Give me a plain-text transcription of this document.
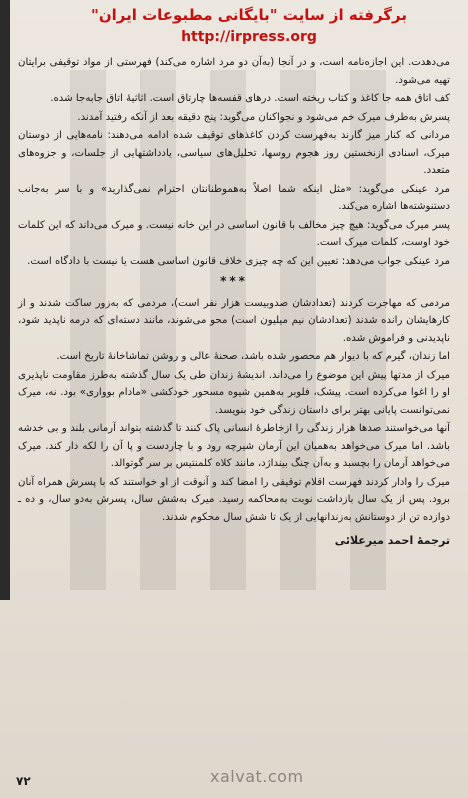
برگرفته از سایت "بایگانی مطبوعات ایران"
http://irpress.org

می‌دهدت. این اجازه‌نامه است، و در آنجا (به‌آن دو مرد اشاره می‌کند) فهرستی از مواد توقیفی برایتان تهیه می‌شود.

کف اتاق همه جا کاغذ و کتاب ریخته است. درهای قفسه‌ها چارتاق است. اثاثیهٔ اتاق جابه‌جا شده.

پسرش به‌طرف میرک خم می‌شود و نجواکنان می‌گوید: پنج دقیقه بعد از آنکه رفتید آمدند.

مردانی که کنار میز گارند به‌فهرست کردن کاغذهای توقیف شده ادامه می‌دهند: نامه‌هایی از دوستان میرک، اسنادی ازنخستین روز هجوم روسها، تحلیل‌های سیاسی، یادداشتهایی از جلسات، و جزوه‌های متعدد.

مرد عینکی می‌گوید: «مثل اینکه شما اصلاً به‌هموطنانتان احترام نمی‌گذارید» و با سر به‌جانب دستنوشته‌ها اشاره می‌کند.

پسر میرک می‌گوید: هیچ چیز مخالف با قانون اساسی در این خانه نیست. و میرک می‌داند که این کلمات خود اوست، کلمات میرک است.

مرد عینکی جواب می‌دهد: تعیین این که چه چیزی خلاف قانون اساسی هست یا نیست با دادگاه است.

***

مردمی که مهاجرت کردند (تعدادشان صدوبیست هزار نفر است)، مردمی که به‌زور ساکت شدند و از کارهایشان رانده شدند (تعدادشان نیم میلیون است) محو می‌شوند، مانند دسته‌ای که درمه ناپدید شود، ناپدیدنی و فراموش شده.

اما زندان، گیرم که با دیوار هم محصور شده باشد، صحنهٔ عالی و روشن تماشاخانهٔ تاریخ است.

میرک از مدتها پیش این موضوع را می‌داند. اندیشهٔ زندان طی یک سال گذشته به‌طرز مقاومت ناپذیری او را اغوا می‌کرده است. پیشک، فلوبر به‌همین شیوه مسحور خودکشی «مادام بوواری» بود. نه، میرک نمی‌توانست پایانی بهتر برای داستان زندگی خود بنویسد.

آنها می‌خواستند صدها هزار زندگی را ازخاطرهٔ انسانی پاک کنند تا گذشته بتواند آرمانی بلند و بی خدشه باشد. اما میرک می‌خواهد به‌همیان این آرمان شیرچه رود و با چاردست و پا آن را لکه دار کند. میرک می‌خواهد آرمان را بچسبد و به‌آن چنگ بینداژد، مانند کلاه کلمنتیس بر سر گوتوالد.

میرک را وادار کردند فهرست اقلام توقیفی را امضا کند و آنوقت از او خواستند که با پسرش همراه آنان برود. پس از یک سال بازداشت نوبت به‌محاکمه رسید. میرک به‌شش سال، پسرش به‌دو سال، و ده ـ دوازده تن از دوستانش به‌زندانهایی از یک تا شش سال محکوم شدند.

ترجمهٔ احمد میرعلائی
۷۲	xalvat.com
